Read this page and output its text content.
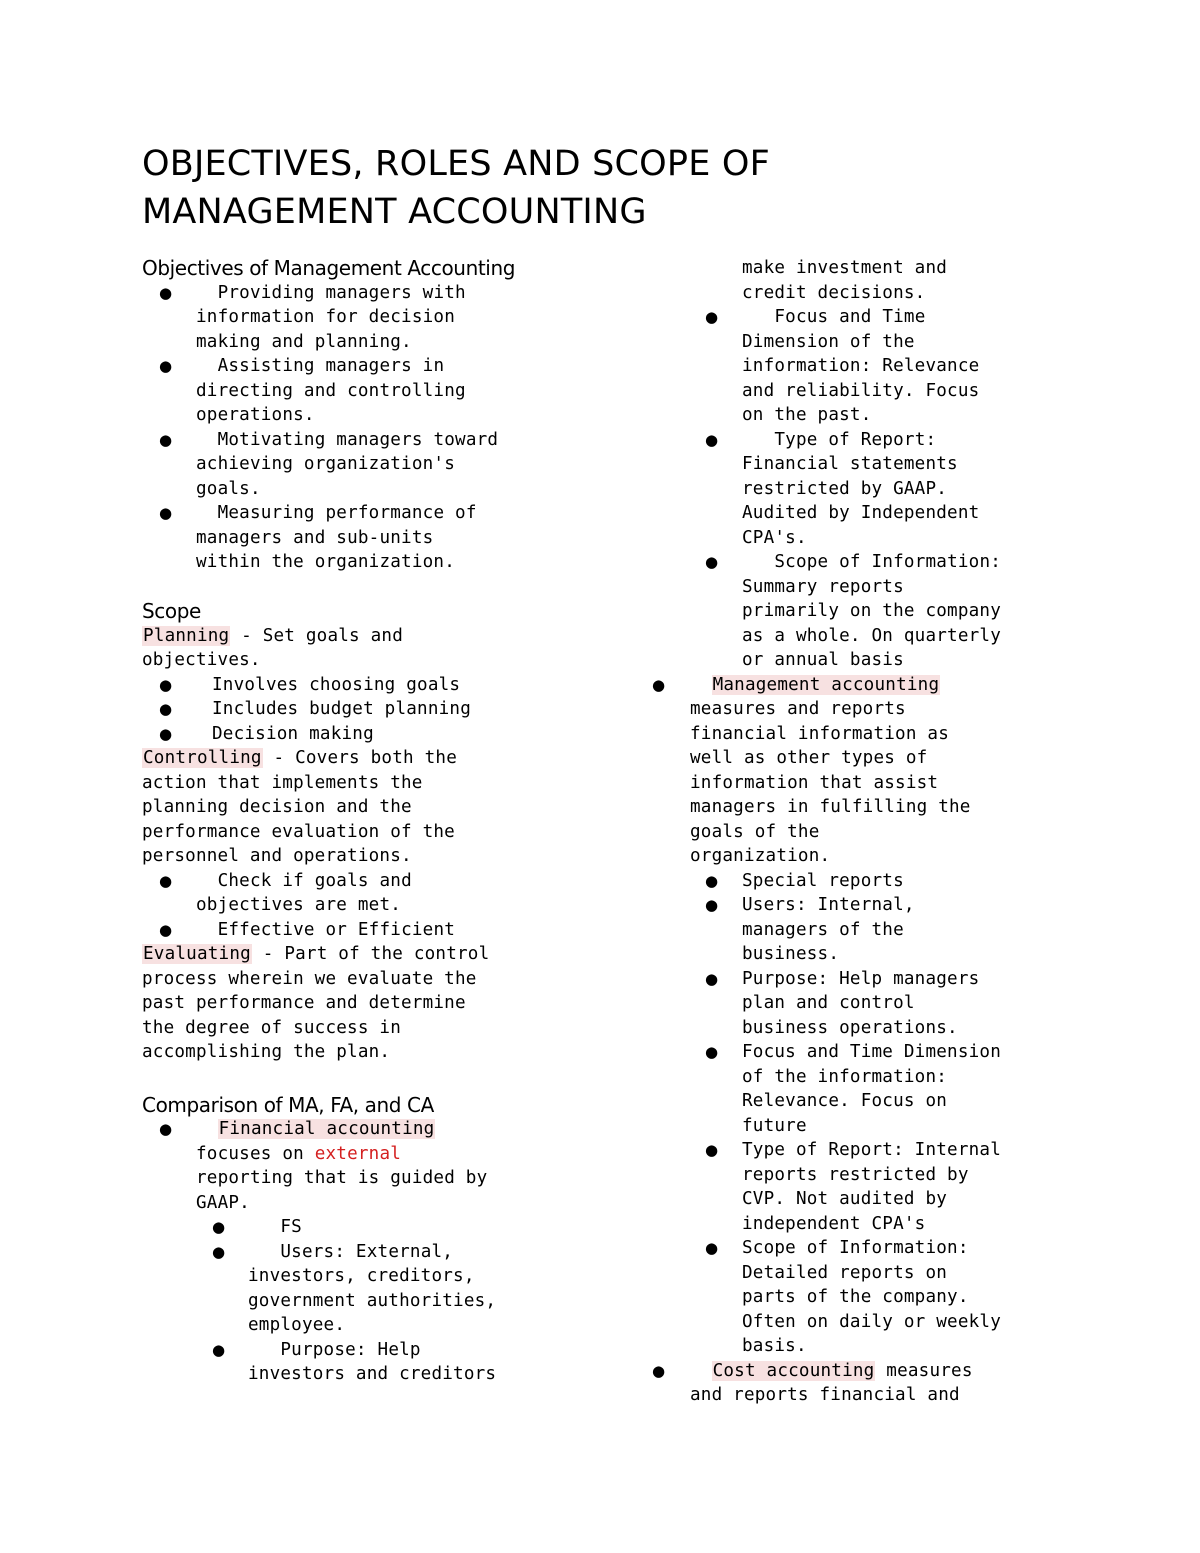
OBJECTIVES, ROLES AND SCOPE OF
MANAGEMENT ACCOUNTING
Objectives of Management Accounting
●	Providing managers with
information for decision
making and planning.
●	Assisting managers in
directing and controlling
operations.
●	Motivating managers toward
achieving organization's
goals.
●	Measuring performance of
managers and sub-units
within the organization.
Scope

Planning - Set goals and

objectives.

● Involves choosing goals
● Includes budget planning
● Decision making

Controlling - Covers both the

action that implements the

planning decision and the

performance evaluation of the

personnel and operations.

●	Check if goals and
objectives are met.
●	Effective or Efficient

Evaluating - Part of the control

process wherein we evaluate the

past performance and determine

the degree of success in

accomplishing the plan.

Comparison of MA, FA, and CA
●	Financial accounting
focuses on external
reporting that is guided by
GAAP.
●	FS
●	Users: External,
investors, creditors,
government authorities,
employee.
●	Purpose: Help
investors and creditors
make investment and
credit decisions.
●	Focus and Time
Dimension of the
information: Relevance
and reliability. Focus
on the past.
●	Type of Report:
Financial statements
restricted by GAAP.
Audited by Independent
CPA's.
●	Scope of Information:
Summary reports
primarily on the company
as a whole. On quarterly
or annual basis
●	Management accounting
measures and reports
financial information as
well as other types of
information that assist
managers in fulfilling the
goals of the
organization.
● Special reports
● Users: Internal,
managers of the
business.
● Purpose: Help managers
plan and control
business operations.
● Focus and Time Dimension
of the information:
Relevance. Focus on
future
● Type of Report: Internal
reports restricted by
CVP. Not audited by
independent CPA's
● Scope of Information:
Detailed reports on
parts of the company.
Often on daily or weekly
basis.
●	Cost accounting measures
and reports financial and
